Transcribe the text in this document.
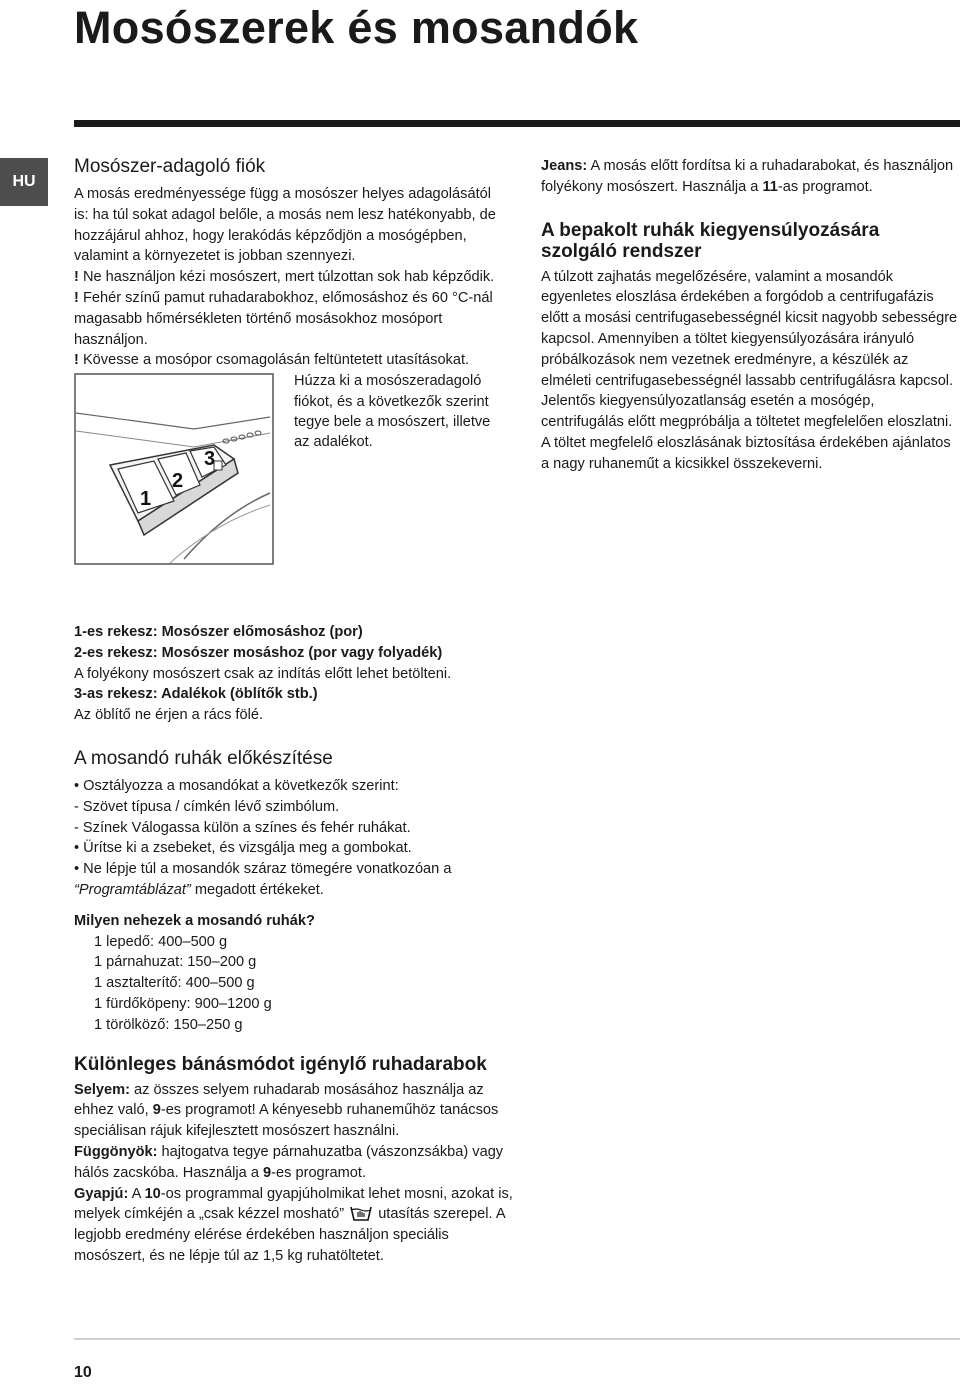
Mosószerek és mosandók
HU
Mosószer-adagoló fiók

A mosás eredményessége függ a mosószer helyes adagolásától is: ha túl sokat adagol belőle, a mosás nem lesz hatékonyabb, de hozzájárul ahhoz, hogy lerakódás képződjön a mosógépben, valamint a környezetet is jobban szennyezi.

! Ne használjon kézi mosószert, mert túlzottan sok hab képződik.

! Fehér színű pamut ruhadarabokhoz, előmosáshoz és 60 °C-nál magasabb hőmérsékleten történő mosásokhoz mosóport használjon.

! Kövesse a mosópor csomagolásán feltüntetett utasításokat.

1
2
3

Húzza ki a mosószeradagoló fiókot, és a következők szerint tegye bele a mosószert, illetve az adalékot.

1-es rekesz: Mosószer előmosáshoz (por)

2-es rekesz: Mosószer mosáshoz (por vagy folyadék)

A folyékony mosószert csak az indítás előtt lehet betölteni.

3-as rekesz: Adalékok (öblítők stb.)

Az öblítő ne érjen a rács fölé.

A mosandó ruhák előkészítése

• Osztályozza a mosandókat a következők szerint:

- Szövet típusa / címkén lévő szimbólum.

- Színek Válogassa külön a színes és fehér ruhákat.

• Ürítse ki a zsebeket, és vizsgálja meg a gombokat.

• Ne lépje túl a mosandók száraz tömegére vonatkozóan a “Programtáblázat” megadott értékeket.

Milyen nehezek a mosandó ruhák?

1 lepedő: 400–500 g

1 párnahuzat: 150–200 g

1 asztalterítő: 400–500 g

1 fürdőköpeny: 900–1200 g

1 törölköző: 150–250 g

Különleges bánásmódot igénylő ruhadarabok

Selyem: az összes selyem ruhadarab mosásához használja az ehhez való, 9-es programot! A kényesebb ruhaneműhöz tanácsos speciálisan rájuk kifejlesztett mosószert használni.

Függönyök: hajtogatva tegye párnahuzatba (vászonzsákba) vagy hálós zacskóba. Használja a 9-es programot.

Gyapjú: A 10-os programmal gyapjúholmikat lehet mosni, azokat is, melyek címkéjén a „csak kézzel mosható”  utasítás szerepel. A legjobb eredmény elérése érdekében használjon speciális mosószert, és ne lépje túl az 1,5 kg ruhatöltetet.

Jeans: A mosás előtt fordítsa ki a ruhadarabokat, és használjon folyékony mosószert. Használja a 11-as programot.

A bepakolt ruhák kiegyensúlyozására szolgáló rendszer

A túlzott zajhatás megelőzésére, valamint a mosandók egyenletes eloszlása érdekében a forgódob a centrifugafázis előtt a mosási centrifugasebességnél kicsit nagyobb sebességre kapcsol. Amennyiben a töltet kiegyensúlyozására irányuló próbálkozások nem vezetnek eredményre, a készülék az elméleti centrifugasebességnél lassabb centrifugálásra kapcsol. Jelentős kiegyensúlyozatlanság esetén a mosógép, centrifugálás előtt megpróbálja a töltetet megfelelően eloszlatni. A töltet megfelelő eloszlásának biztosítása érdekében ajánlatos a nagy ruhaneműt a kicsikkel összekeverni.

10
